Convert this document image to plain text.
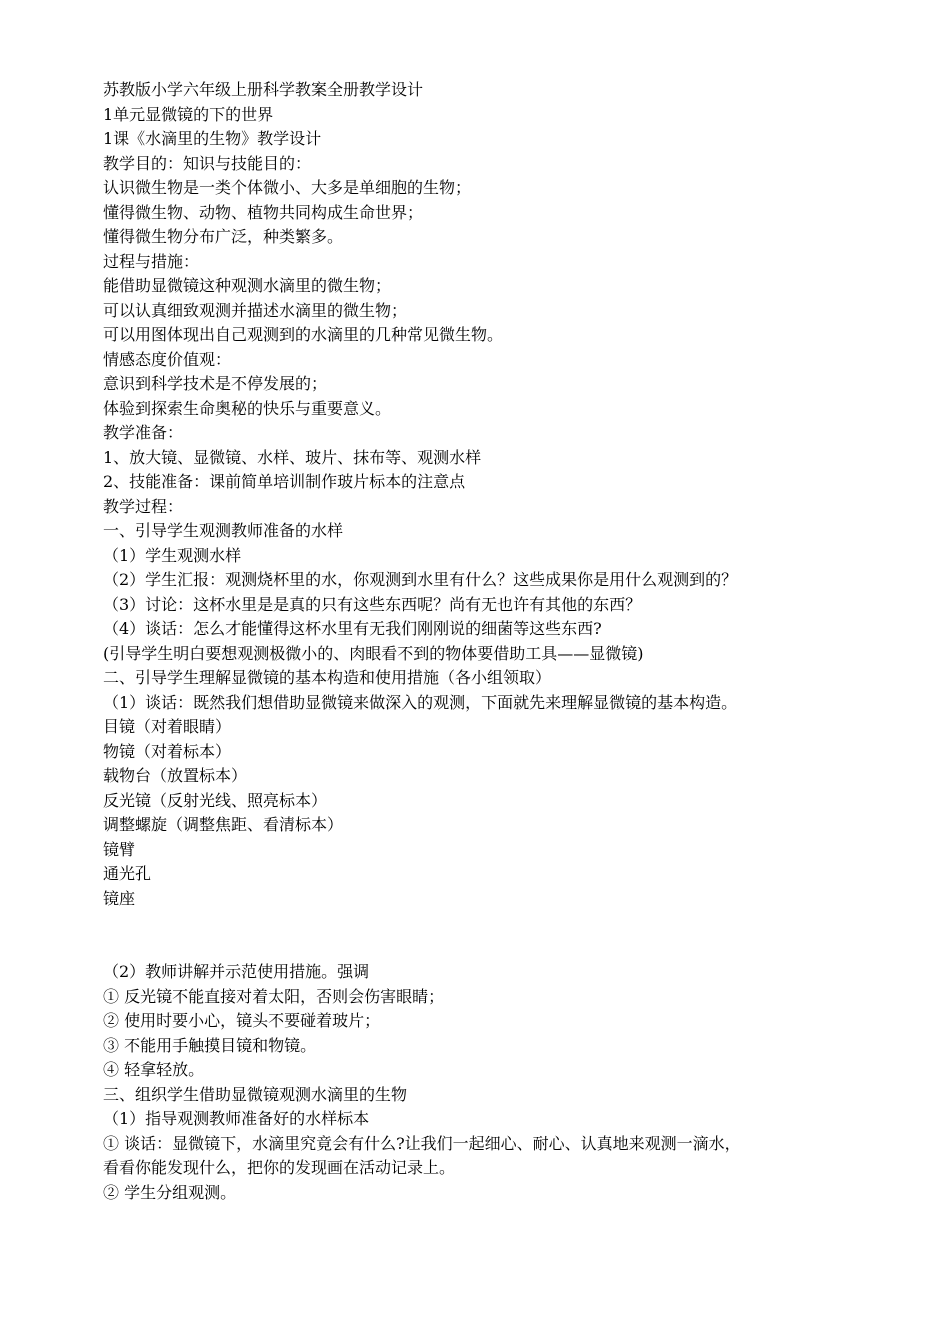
苏教版小学六年级上册科学教案全册教学设计
1单元显微镜的下的世界
1课《水滴里的生物》教学设计
教学目的：知识与技能目的：
认识微生物是一类个体微小、大多是单细胞的生物；
懂得微生物、动物、植物共同构成生命世界；
懂得微生物分布广泛，种类繁多。
过程与措施：
能借助显微镜这种观测水滴里的微生物；
可以认真细致观测并描述水滴里的微生物；
可以用图体现出自己观测到的水滴里的几种常见微生物。
情感态度价值观：
意识到科学技术是不停发展的；
体验到探索生命奥秘的快乐与重要意义。
教学准备：
1、放大镜、显微镜、水样、玻片、抹布等、观测水样
2、技能准备：课前简单培训制作玻片标本的注意点
教学过程：
一、引导学生观测教师准备的水样
（1）学生观测水样
（2）学生汇报：观测烧杯里的水，你观测到水里有什么？这些成果你是用什么观测到的？
（3）讨论：这杯水里是是真的只有这些东西呢？尚有无也许有其他的东西？
（4）谈话：怎么才能懂得这杯水里有无我们刚刚说的细菌等这些东西?
(引导学生明白要想观测极微小的、肉眼看不到的物体要借助工具——显微镜)
二、引导学生理解显微镜的基本构造和使用措施（各小组领取）
（1）谈话：既然我们想借助显微镜来做深入的观测，下面就先来理解显微镜的基本构造。
目镜（对着眼睛）
物镜（对着标本）
载物台（放置标本）
反光镜（反射光线、照亮标本）
调整螺旋（调整焦距、看清标本）
镜臂
通光孔
镜座
（2）教师讲解并示范使用措施。强调
① 反光镜不能直接对着太阳，否则会伤害眼睛；
② 使用时要小心，镜头不要碰着玻片；
③ 不能用手触摸目镜和物镜。
④ 轻拿轻放。
三、组织学生借助显微镜观测水滴里的生物
（1）指导观测教师准备好的水样标本
① 谈话：显微镜下，水滴里究竟会有什么?让我们一起细心、耐心、认真地来观测一滴水，
看看你能发现什么，把你的发现画在活动记录上。
② 学生分组观测。
